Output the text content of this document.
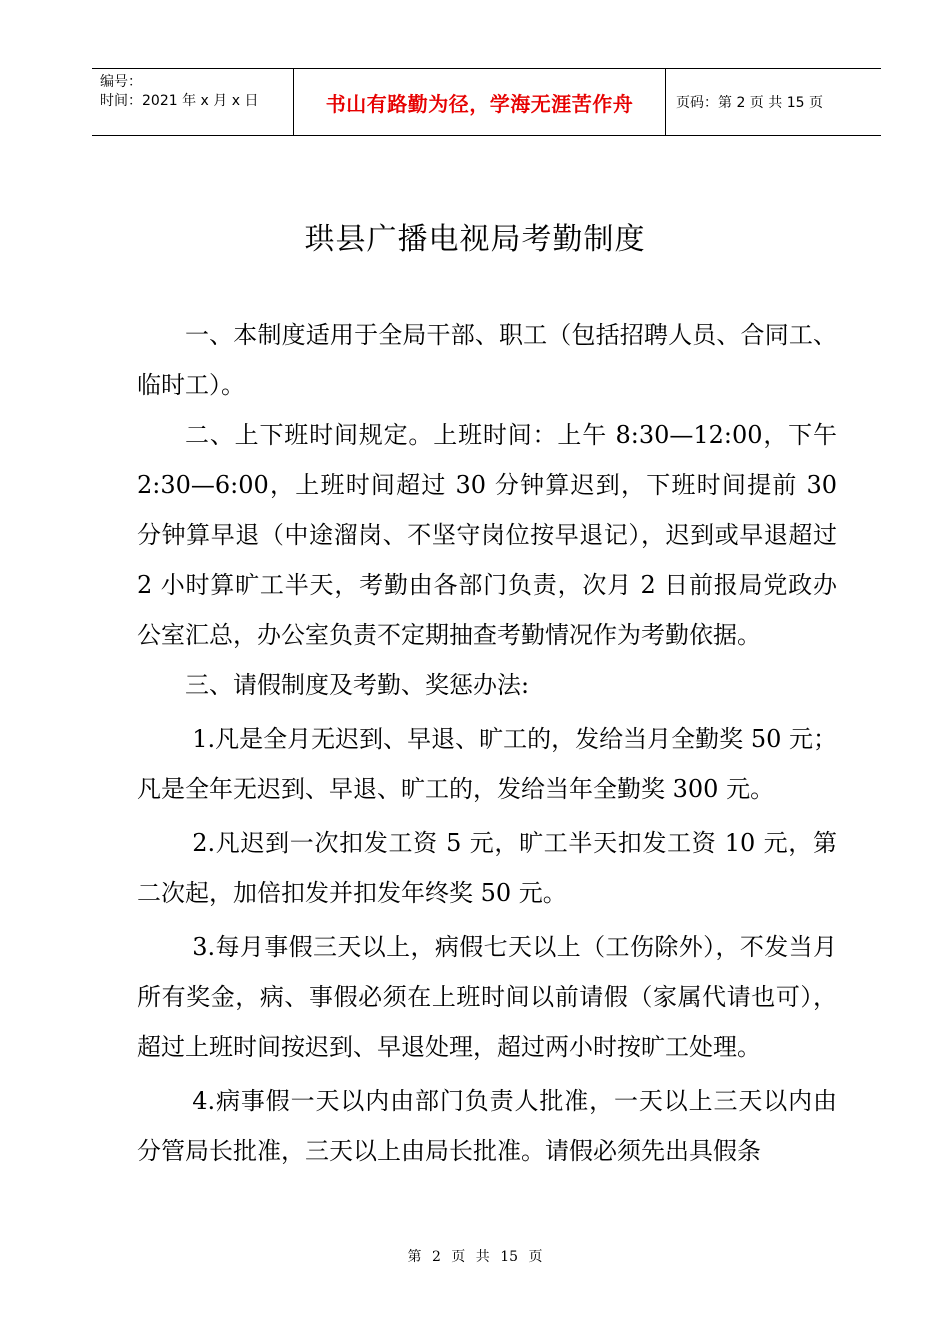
编号：
时间：2021 年 x 月 x 日	书山有路勤为径，学海无涯苦作舟	页码：第 2 页 共 15 页
珙县广播电视局考勤制度

一、本制度适用于全局干部、职工（包括招聘人员、合同工、临时工）。

二、上下班时间规定。上班时间：上午 8:30—12:00，下午 2:30—6:00，上班时间超过 30 分钟算迟到，下班时间提前 30 分钟算早退（中途溜岗、不坚守岗位按早退记），迟到或早退超过 2 小时算旷工半天，考勤由各部门负责，次月 2 日前报局党政办公室汇总，办公室负责不定期抽查考勤情况作为考勤依据。

三、请假制度及考勤、奖惩办法:

1.凡是全月无迟到、早退、旷工的，发给当月全勤奖 50 元；凡是全年无迟到、早退、旷工的，发给当年全勤奖 300 元。

2.凡迟到一次扣发工资 5 元，旷工半天扣发工资 10 元，第二次起，加倍扣发并扣发年终奖 50 元。

3.每月事假三天以上，病假七天以上（工伤除外），不发当月所有奖金，病、事假必须在上班时间以前请假（家属代请也可），超过上班时间按迟到、早退处理，超过两小时按旷工处理。

4.病事假一天以内由部门负责人批准，一天以上三天以内由分管局长批准，三天以上由局长批准。请假必须先出具假条

第 2 页 共 15 页
